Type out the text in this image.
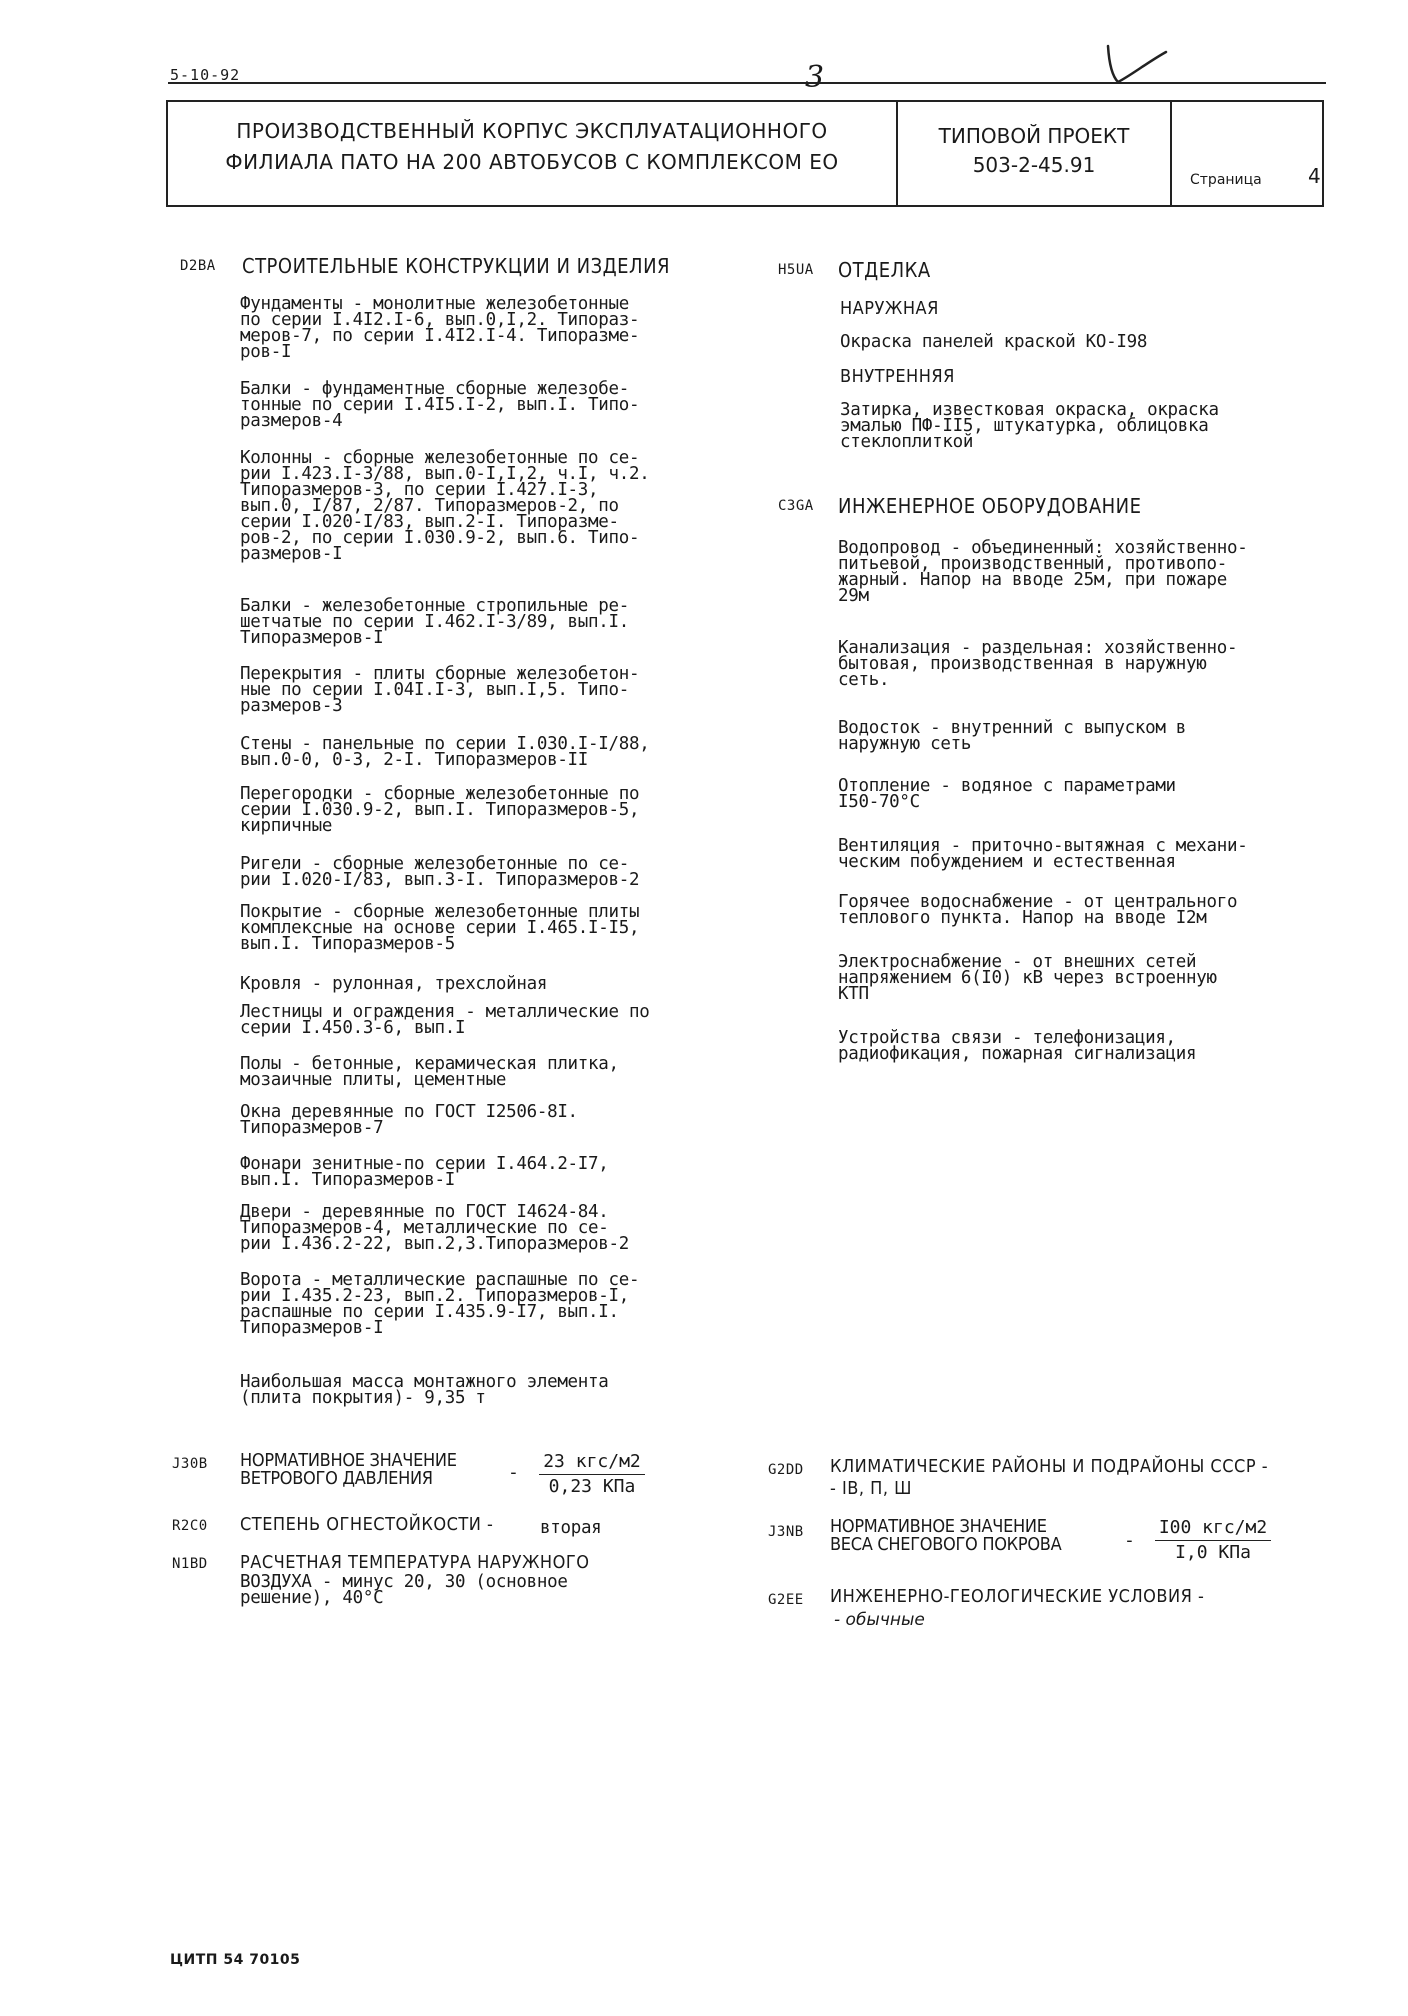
5-10-92	3
ПРОИЗВОДСТВЕННЫЙ КОРПУС ЭКСПЛУАТАЦИОННОГО
ФИЛИАЛА ПАТО НА 200 АВТОБУСОВ С КОМПЛЕКСОМ ЕО
ТИПОВОЙ ПРОЕКТ
503-2-45.91
Страница 4
D2BA СТРОИТЕЛЬНЫЕ КОНСТРУКЦИИ И ИЗДЕЛИЯ
Фундаменты - монолитные железобетонные
по серии I.4I2.I-6, вып.0,I,2. Типораз-
меров-7, по серии I.4I2.I-4. Типоразме-
ров-I
Балки - фундаментные сборные железобе-
тонные по серии I.4I5.I-2, вып.I. Типо-
размеров-4
Колонны - сборные железобетонные по се-
рии I.423.I-3/88, вып.0-I,I,2, ч.I, ч.2.
Типоразмеров-3, по серии I.427.I-3,
вып.0, I/87, 2/87. Типоразмеров-2, по
серии I.020-I/83, вып.2-I. Типоразме-
ров-2, по серии I.030.9-2, вып.6. Типо-
размеров-I
Балки - железобетонные стропильные ре-
шетчатые по серии I.462.I-3/89, вып.I.
Типоразмеров-I
Перекрытия - плиты сборные железобетон-
ные по серии I.04I.I-3, вып.I,5. Типо-
размеров-3
Стены - панельные по серии I.030.I-I/88,
вып.0-0, 0-3, 2-I. Типоразмеров-II
Перегородки - сборные железобетонные по
серии I.030.9-2, вып.I. Типоразмеров-5,
кирпичные
Ригели - сборные железобетонные по се-
рии I.020-I/83, вып.3-I. Типоразмеров-2
Покрытие - сборные железобетонные плиты
комплексные на основе серии I.465.I-I5,
вып.I. Типоразмеров-5
Кровля - рулонная, трехслойная
Лестницы и ограждения - металлические по
серии I.450.3-6, вып.I
Полы - бетонные, керамическая плитка,
мозаичные плиты, цементные
Окна деревянные по ГОСТ I2506-8I.
Типоразмеров-7
Фонари зенитные-по серии I.464.2-I7,
вып.I. Типоразмеров-I
Двери - деревянные по ГОСТ I4624-84.
Типоразмеров-4, металлические по се-
рии I.436.2-22, вып.2,3.Типоразмеров-2
Ворота - металлические распашные по се-
рии I.435.2-23, вып.2. Типоразмеров-I,
распашные по серии I.435.9-I7, вып.I.
Типоразмеров-I
Наибольшая масса монтажного элемента
(плита покрытия)- 9,35 т
H5UA ОТДЕЛКА
НАРУЖНАЯ
Окраска панелей краской КО-I98
ВНУТРЕННЯЯ
Затирка, известковая окраска, окраска
эмалью ПФ-II5, штукатурка, облицовка
стеклоплиткой
C3GA ИНЖЕНЕРНОЕ ОБОРУДОВАНИЕ
Водопровод - объединенный: хозяйственно-
питьевой, производственный, противопо-
жарный. Напор на вводе 25м, при пожаре
29м
Канализация - раздельная: хозяйственно-
бытовая, производственная в наружную
сеть.
Водосток - внутренний с выпуском в
наружную сеть
Отопление - водяное с параметрами
I50-70°C
Вентиляция - приточно-вытяжная с механи-
ческим побуждением и естественная
Горячее водоснабжение - от центрального
теплового пункта. Напор на вводе I2м
Электроснабжение - от внешних сетей
напряжением 6(I0) кВ через встроенную
КТП
Устройства связи - телефонизация,
радиофикация, пожарная сигнализация
J30B НОРМАТИВНОЕ ЗНАЧЕНИЕ
ВЕТРОВОГО ДАВЛЕНИЯ	-
23 кгс/м2
0,23 КПа
R2C0 СТЕПЕНЬ ОГНЕСТОЙКОСТИ -	вторая
N1BD РАСЧЕТНАЯ ТЕМПЕРАТУРА НАРУЖНОГО
ВОЗДУХА - минус 20, 30 (основное
решение), 40°C
G2DD КЛИМАТИЧЕСКИЕ РАЙОНЫ И ПОДРАЙОНЫ СССР -
- IВ, П, Ш
J3NB НОРМАТИВНОЕ ЗНАЧЕНИЕ
ВЕСА СНЕГОВОГО ПОКРОВА	-
I00 кгс/м2
I,0 КПа
G2EE ИНЖЕНЕРНО-ГЕОЛОГИЧЕСКИЕ УСЛОВИЯ -
- обычные
ЦИТП 54 70105
